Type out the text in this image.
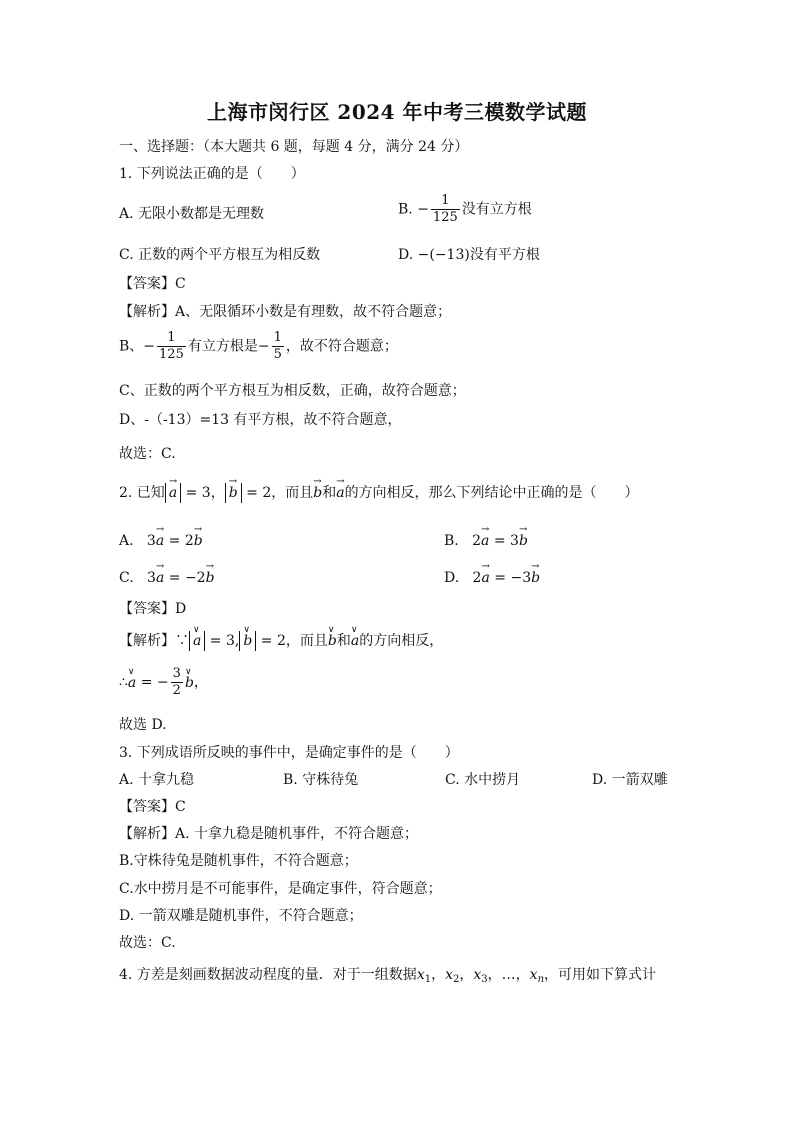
上海市闵行区 2024 年中考三模数学试题
一、选择题：（本大题共 6 题，每题 4 分，满分 24 分）
1. 下列说法正确的是（　　）
A. 无限小数都是无理数	B. − $\frac{1}{125}$ 没有立方根
C. 正数的两个平方根互为相反数	D. −(−13)没有平方根
【答案】C
【解析】A、无限循环小数是有理数，故不符合题意；
B、− $\frac{1}{125}$ 有立方根是− $\frac{1}{5}$ ，故不符合题意；
C、正数的两个平方根互为相反数，正确，故符合题意；
D、-（-13）=13 有平方根，故不符合题意，
故选：C.
2. 已知 → a = 3， → b = 2，而且→ b和→ a的方向相反，那么下列结论中正确的是（　　）
A. 3→ a = 2→ b	B. 2→ a = 3→ b
C. 3→ a = −2→ b	D. 2→ a = −3→ b
【答案】D
【解析】∵ ∨ a = 3, ∨ b = 2，而且∨ b和∨ a的方向相反，
∴∨ a = − $\frac{3}{2}$ ∨ b，
故选 D.
3. 下列成语所反映的事件中，是确定事件的是（　　）
A. 十拿九稳	B. 守株待兔	C. 水中捞月	D. 一箭双雕
【答案】C
【解析】A. 十拿九稳是随机事件，不符合题意；
B.守株待兔是随机事件，不符合题意；
C.水中捞月是不可能事件，是确定事件，符合题意；
D. 一箭双雕是随机事件，不符合题意；
故选：C.
4. 方差是刻画数据波动程度的量．对于一组数据$x_1$，$x_2$，$x_3$，…，$x_n$，可用如下算式计
